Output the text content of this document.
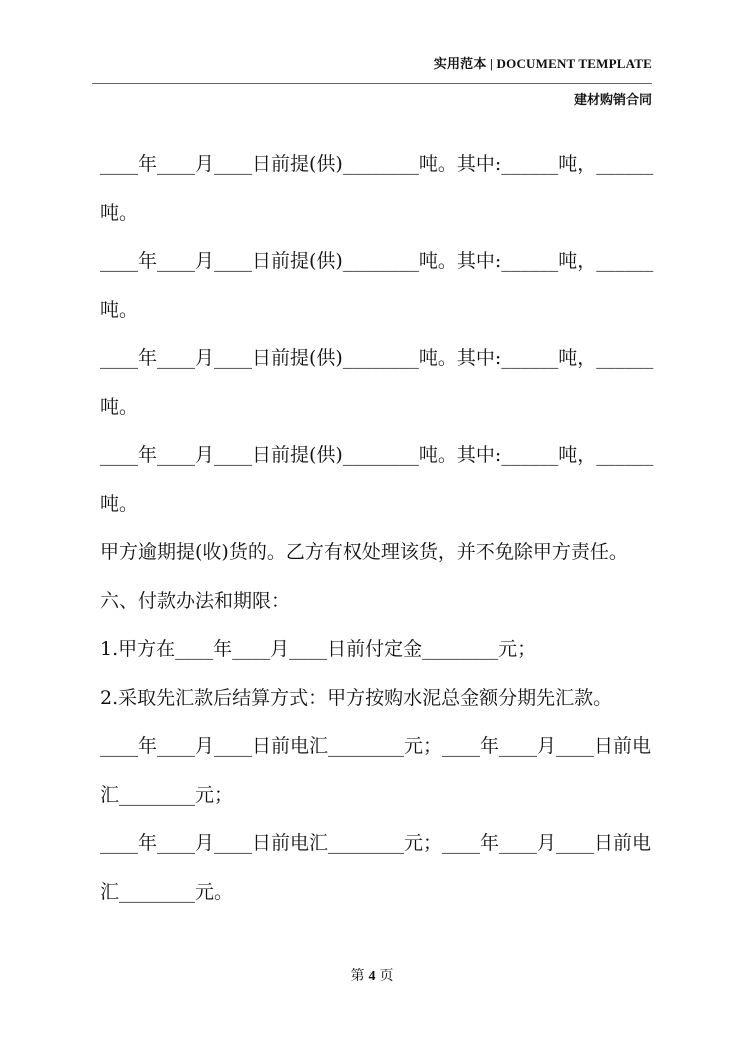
实用范本 | DOCUMENT TEMPLATE
建材购销合同
____年____月____日前提(供)________吨。其中:______吨，______
吨。
____年____月____日前提(供)________吨。其中:______吨，______
吨。
____年____月____日前提(供)________吨。其中:______吨，______
吨。
____年____月____日前提(供)________吨。其中:______吨，______
吨。
甲方逾期提(收)货的。乙方有权处理该货，并不免除甲方责任。
六、付款办法和期限：
1.甲方在____年____月____日前付定金________元；
2.采取先汇款后结算方式：甲方按购水泥总金额分期先汇款。
____年____月____日前电汇________元；____年____月____日前电
汇________元；
____年____月____日前电汇________元；____年____月____日前电
汇________元。
第 4 页
